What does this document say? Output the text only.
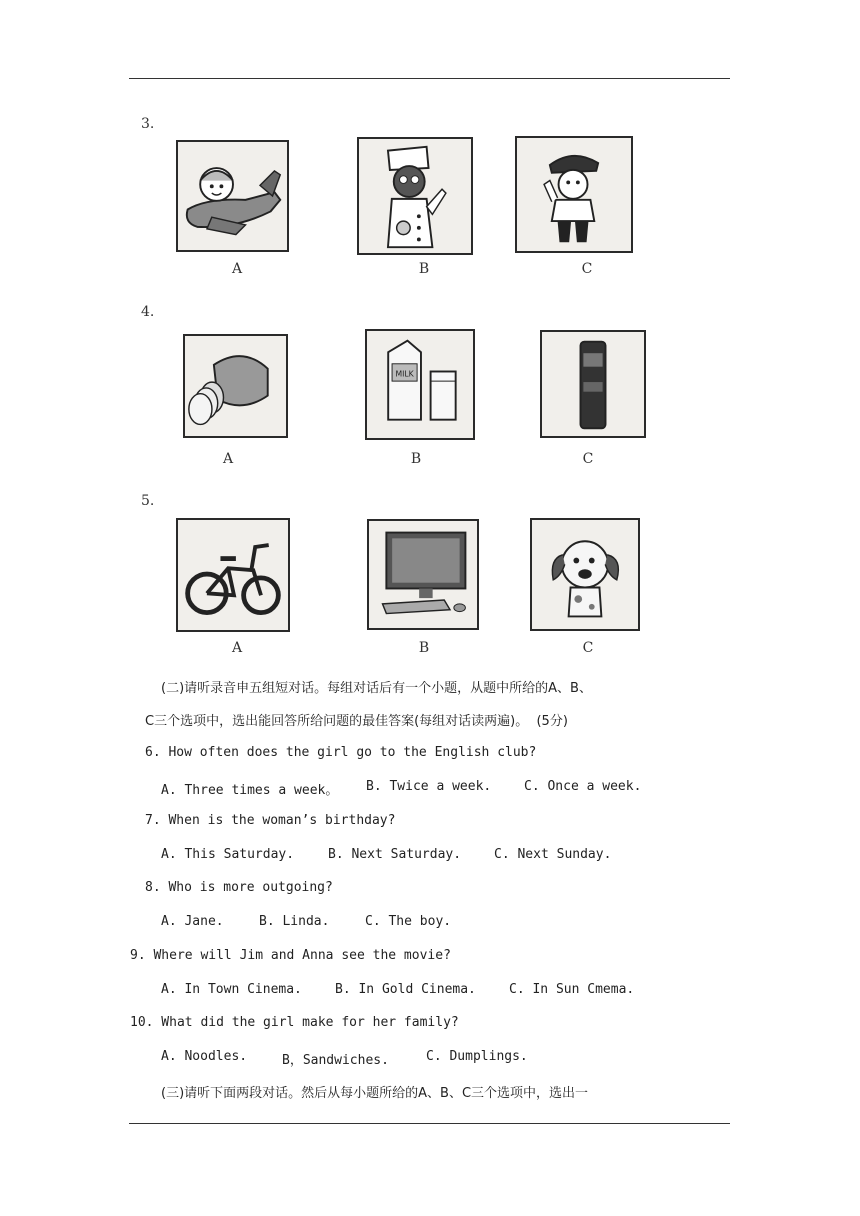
3.
A	B	C
4.
MILK
A	B	C
5.
A	B	C
(二)请听录音申五组短对话。每组对话后有一个小题，从题中所给的A、B、
C三个选项中，选出能回答所给问题的最佳答案(每组对话读两遍)。  (5分)
6. How often does the girl go to the English club?
A. Three times a week。 B. Twice a week.	C. Once a week.
7. When is the woman’s birthday?
A. This Saturday.	B. Next Saturday.	C. Next Sunday.
8. Who is more outgoing?
A. Jane.	B. Linda.	C. The boy.
9. Where will Jim and Anna see the movie?
A. In Town Cinema.	B. In Gold Cinema.	C. In Sun Cmema.
10. What did the girl make for her family?
A. Noodles.	B，Sandwiches.	C. Dumplings.
(三)请听下面两段对话。然后从每小题所给的A、B、C三个选项中，选出一
